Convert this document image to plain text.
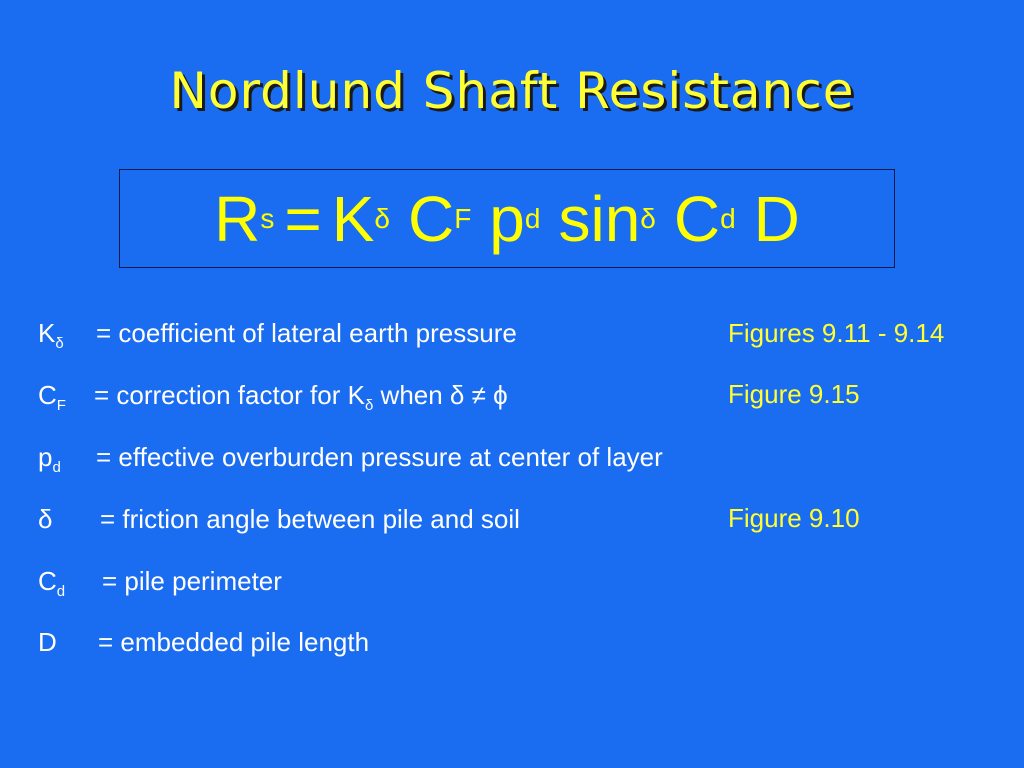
Nordlund Shaft Resistance
R s = K δ C F p d sin δ C d D
$K_\delta$ = coefficient of lateral earth pressure
$C_F$ = correction factor for $K_\delta$ when δ ≠ ϕ
$p_d$ = effective overburden pressure at center of layer
δ = friction angle between pile and soil
$C_d$ = pile perimeter
D = embedded pile length
Figures 9.11 - 9.14
Figure 9.15
Figure 9.10
